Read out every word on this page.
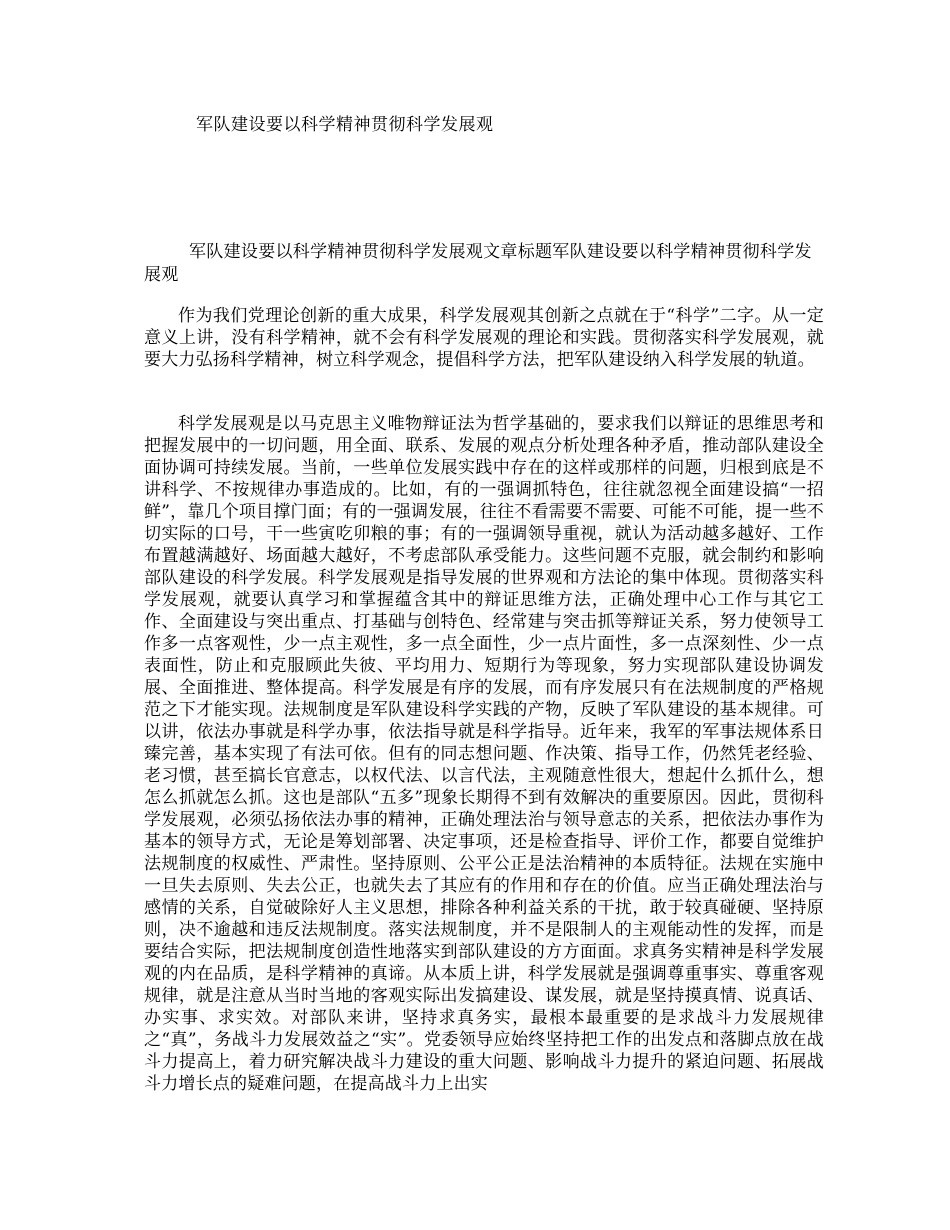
军队建设要以科学精神贯彻科学发展观
军队建设要以科学精神贯彻科学发展观文章标题军队建设要以科学精神贯彻科学发展观

作为我们党理论创新的重大成果，科学发展观其创新之点就在于“科学”二字。从一定意义上讲，没有科学精神，就不会有科学发展观的理论和实践。贯彻落实科学发展观，就要大力弘扬科学精神，树立科学观念，提倡科学方法，把军队建设纳入科学发展的轨道。

科学发展观是以马克思主义唯物辩证法为哲学基础的，要求我们以辩证的思维思考和把握发展中的一切问题，用全面、联系、发展的观点分析处理各种矛盾，推动部队建设全面协调可持续发展。当前，一些单位发展实践中存在的这样或那样的问题，归根到底是不讲科学、不按规律办事造成的。比如，有的一强调抓特色，往往就忽视全面建设搞“一招鲜”，靠几个项目撑门面；有的一强调发展，往往不看需要不需要、可能不可能，提一些不切实际的口号，干一些寅吃卯粮的事；有的一强调领导重视，就认为活动越多越好、工作布置越满越好、场面越大越好，不考虑部队承受能力。这些问题不克服，就会制约和影响部队建设的科学发展。科学发展观是指导发展的世界观和方法论的集中体现。贯彻落实科学发展观，就要认真学习和掌握蕴含其中的辩证思维方法，正确处理中心工作与其它工作、全面建设与突出重点、打基础与创特色、经常建与突击抓等辩证关系，努力使领导工作多一点客观性，少一点主观性，多一点全面性，少一点片面性，多一点深刻性、少一点表面性，防止和克服顾此失彼、平均用力、短期行为等现象，努力实现部队建设协调发展、全面推进、整体提高。科学发展是有序的发展，而有序发展只有在法规制度的严格规范之下才能实现。法规制度是军队建设科学实践的产物，反映了军队建设的基本规律。可以讲，依法办事就是科学办事，依法指导就是科学指导。近年来，我军的军事法规体系日臻完善，基本实现了有法可依。但有的同志想问题、作决策、指导工作，仍然凭老经验、老习惯，甚至搞长官意志，以权代法、以言代法，主观随意性很大，想起什么抓什么，想怎么抓就怎么抓。这也是部队“五多”现象长期得不到有效解决的重要原因。因此，贯彻科学发展观，必须弘扬依法办事的精神，正确处理法治与领导意志的关系，把依法办事作为基本的领导方式，无论是筹划部署、决定事项，还是检查指导、评价工作，都要自觉维护法规制度的权威性、严肃性。坚持原则、公平公正是法治精神的本质特征。法规在实施中一旦失去原则、失去公正，也就失去了其应有的作用和存在的价值。应当正确处理法治与感情的关系，自觉破除好人主义思想，排除各种利益关系的干扰，敢于较真碰硬、坚持原则，决不逾越和违反法规制度。落实法规制度，并不是限制人的主观能动性的发挥，而是要结合实际，把法规制度创造性地落实到部队建设的方方面面。求真务实精神是科学发展观的内在品质，是科学精神的真谛。从本质上讲，科学发展就是强调尊重事实、尊重客观规律，就是注意从当时当地的客观实际出发搞建设、谋发展，就是坚持摸真情、说真话、办实事、求实效。对部队来讲，坚持求真务实，最根本最重要的是求战斗力发展规律之“真”，务战斗力发展效益之“实”。党委领导应始终坚持把工作的出发点和落脚点放在战斗力提高上，着力研究解决战斗力建设的重大问题、影响战斗力提升的紧迫问题、拓展战斗力增长点的疑难问题，在提高战斗力上出实
